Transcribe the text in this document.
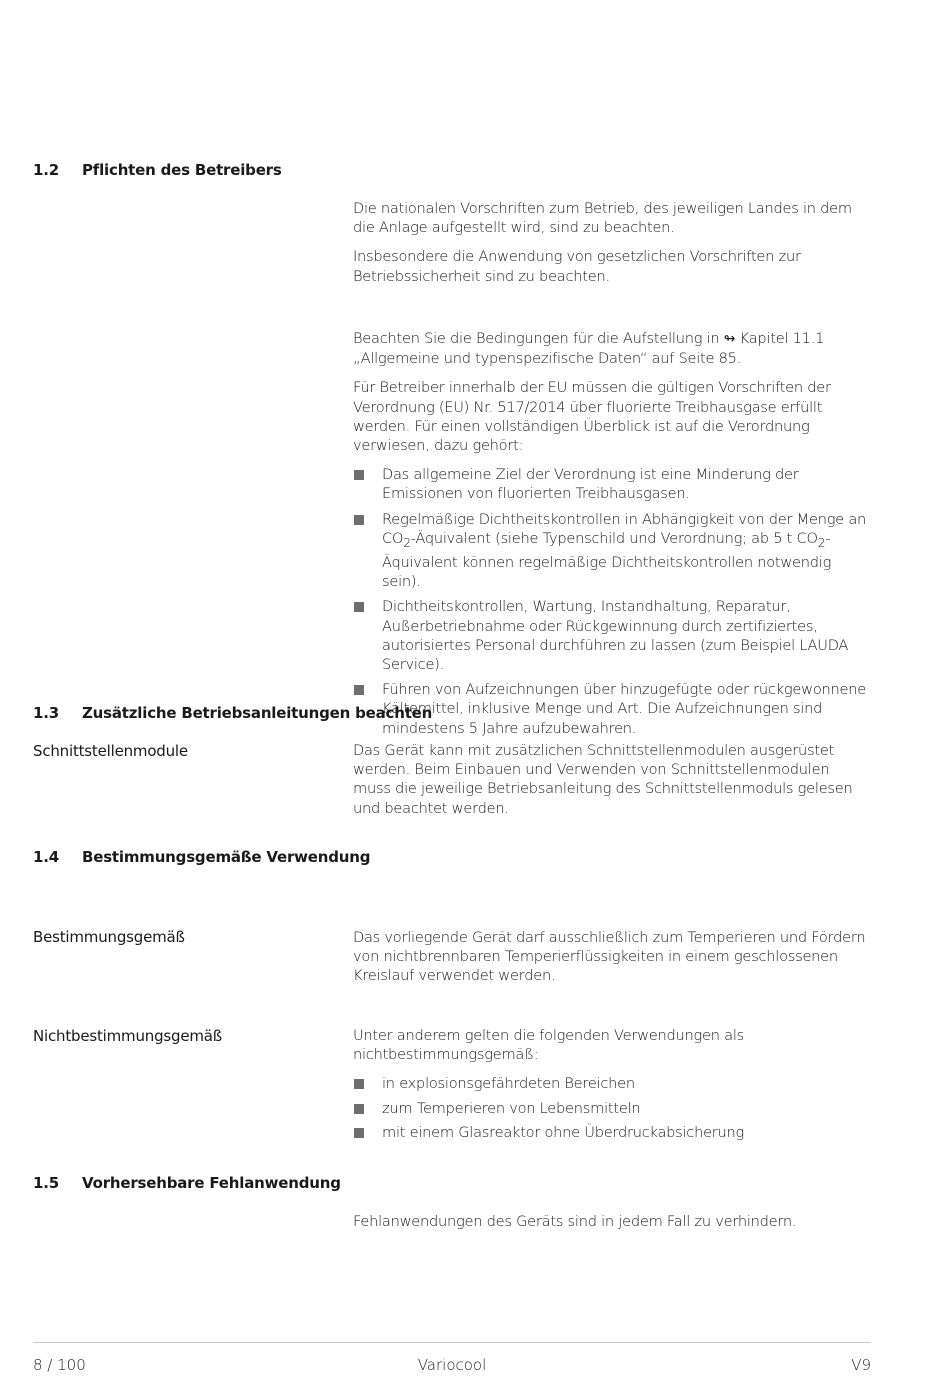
1.2 Pflichten des Betreibers

Die nationalen Vorschriften zum Betrieb, des jeweiligen Landes in dem die Anlage aufgestellt wird, sind zu beachten.

Insbesondere die Anwendung von gesetzlichen Vorschriften zur Betriebssicherheit sind zu beachten.

Beachten Sie die Bedingungen für die Aufstellung in ↬︎ Kapitel 11.1 „Allgemeine und typenspezifische Daten“ auf Seite 85.

Für Betreiber innerhalb der EU müssen die gültigen Vorschriften der Verordnung (EU) Nr. 517/2014 über fluorierte Treibhausgase erfüllt werden. Für einen vollständigen Überblick ist auf die Verordnung verwiesen, dazu gehört:

Das allgemeine Ziel der Verordnung ist eine Minderung der Emissionen von fluorierten Treibhausgasen.
Regelmäßige Dichtheitskontrollen in Abhängigkeit von der Menge an $CO_2$-Äquivalent (siehe Typenschild und Verordnung; ab 5 t $CO_2$-Äquivalent können regelmäßige Dichtheitskontrollen notwendig sein).
Dichtheitskontrollen, Wartung, Instandhaltung, Reparatur, Außerbetriebnahme oder Rückgewinnung durch zertifiziertes, autorisiertes Personal durchführen zu lassen (zum Beispiel LAUDA Service).
Führen von Aufzeichnungen über hinzugefügte oder rückgewonnene Kältemittel, inklusive Menge und Art. Die Aufzeichnungen sind mindestens 5 Jahre aufzubewahren.
1.3 Zusätzliche Betriebsanleitungen beachten
Schnittstellenmodule	Das Gerät kann mit zusätzlichen Schnittstellenmodulen ausgerüstet werden. Beim Einbauen und Verwenden von Schnittstellenmodulen muss die jeweilige Betriebsanleitung des Schnittstellenmoduls gelesen und beachtet werden.

1.4 Bestimmungsgemäße Verwendung
Bestimmungsgemäß	Das vorliegende Gerät darf ausschließlich zum Temperieren und Fördern von nichtbrennbaren Temperierflüssigkeiten in einem geschlossenen Kreislauf verwendet werden.

Nichtbestimmungsgemäß	Unter anderem gelten die folgenden Verwendungen als nichtbestimmungsgemäß:

in explosionsgefährdeten Bereichen
zum Temperieren von Lebensmitteln
mit einem Glasreaktor ohne Überdruckabsicherung
1.5 Vorhersehbare Fehlanwendung

Fehlanwendungen des Geräts sind in jedem Fall zu verhindern.

8 / 100	Variocool	V9
